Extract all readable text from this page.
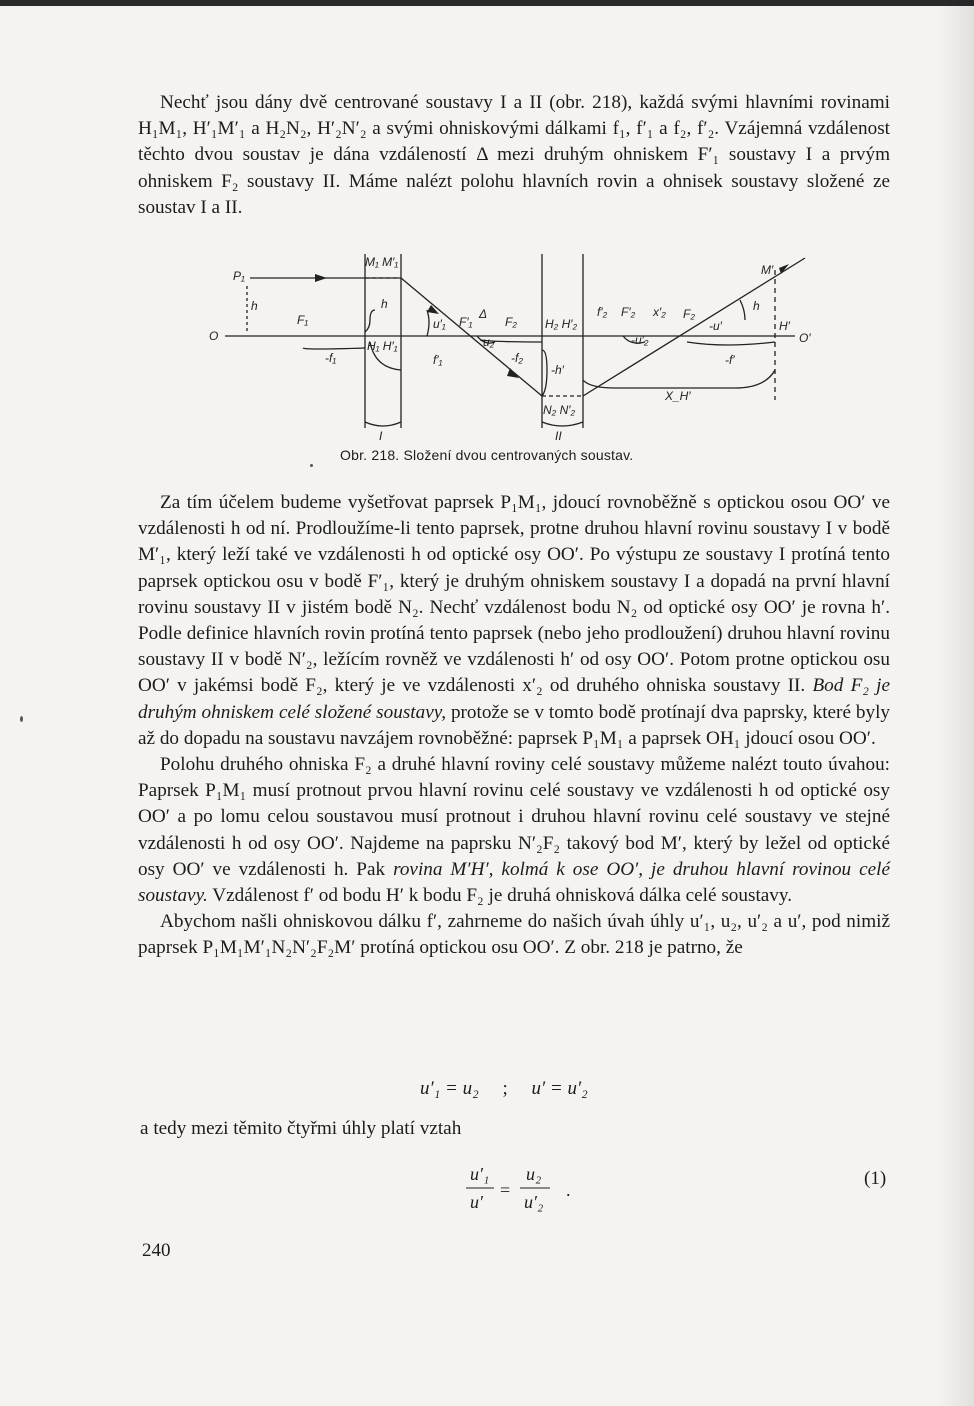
Nechť jsou dány dvě centrované soustavy I a II (obr. 218), každá svými hlavními rovinami H₁M₁, H′₁M′₁ a H₂N₂, H′₂N′₂ a svými ohniskovými dálkami f₁, f′₁ a f₂, f′₂. Vzájemná vzdálenost těchto dvou soustav je dána vzdáleností Δ mezi druhým ohniskem F′₁ soustavy I a prvým ohniskem F₂ soustavy II. Máme nalézt polohu hlavních rovin a ohnisek soustavy složené ze soustav I a II.

P₁
h
O
F₁
-f₁
M₁ M′₁
h
H₁ H′₁
u′₁
f′₁
F′₁
Δ
F₂
u₂
-f₂
-h′
H₂ H′₂
N₂ N′₂
I	II
f′₂ F′₂ x′₂ F₂
-u′₂
-u′
M′
h
H′
O′
-f′
X_H′
Obr. 218. Složení dvou centrovaných soustav.

Za tím účelem budeme vyšetřovat paprsek P₁M₁, jdoucí rovnoběžně s optickou osou OO′ ve vzdálenosti h od ní. Prodloužíme-li tento paprsek, protne druhou hlavní rovinu soustavy I v bodě M′₁, který leží také ve vzdálenosti h od optické osy OO′. Po výstupu ze soustavy I protíná tento paprsek optickou osu v bodě F′₁, který je druhým ohniskem soustavy I a dopadá na první hlavní rovinu soustavy II v jistém bodě N₂. Nechť vzdálenost bodu N₂ od optické osy OO′ je rovna h′. Podle definice hlavních rovin protíná tento paprsek (nebo jeho prodloužení) druhou hlavní rovinu soustavy II v bodě N′₂, ležícím rovněž ve vzdálenosti h′ od osy OO′. Potom protne optickou osu OO′ v jakémsi bodě F₂, který je ve vzdálenosti x′₂ od druhého ohniska soustavy II. Bod F₂ je druhým ohniskem celé složené soustavy, protože se v tomto bodě protínají dva paprsky, které byly až do dopadu na soustavu navzájem rovnoběžné: paprsek P₁M₁ a paprsek OH₁ jdoucí osou OO′.

Polohu druhého ohniska F₂ a druhé hlavní roviny celé soustavy můžeme nalézt touto úvahou: Paprsek P₁M₁ musí protnout prvou hlavní rovinu celé soustavy ve vzdálenosti h od optické osy OO′ a po lomu celou soustavou musí protnout i druhou hlavní rovinu celé soustavy ve stejné vzdálenosti h od osy OO′. Najdeme na paprsku N′₂F₂ takový bod M′, který by ležel od optické osy OO′ ve vzdálenosti h. Pak rovina M′H′, kolmá k ose OO′, je druhou hlavní rovinou celé soustavy. Vzdálenost f′ od bodu H′ k bodu F₂ je druhá ohnisková dálka celé soustavy.

Abychom našli ohniskovou dálku f′, zahrneme do našich úvah úhly u′₁, u₂, u′₂ a u′, pod nimiž paprsek P₁M₁M′₁N₂N′₂F₂M′ protíná optickou osu OO′. Z obr. 218 je patrno, že

u′₁ = u₂ ; u′ = u′₂
a tedy mezi těmito čtyřmi úhly platí vztah
u′₁
u′
=
u₂
u′₂
.
(1)
240
